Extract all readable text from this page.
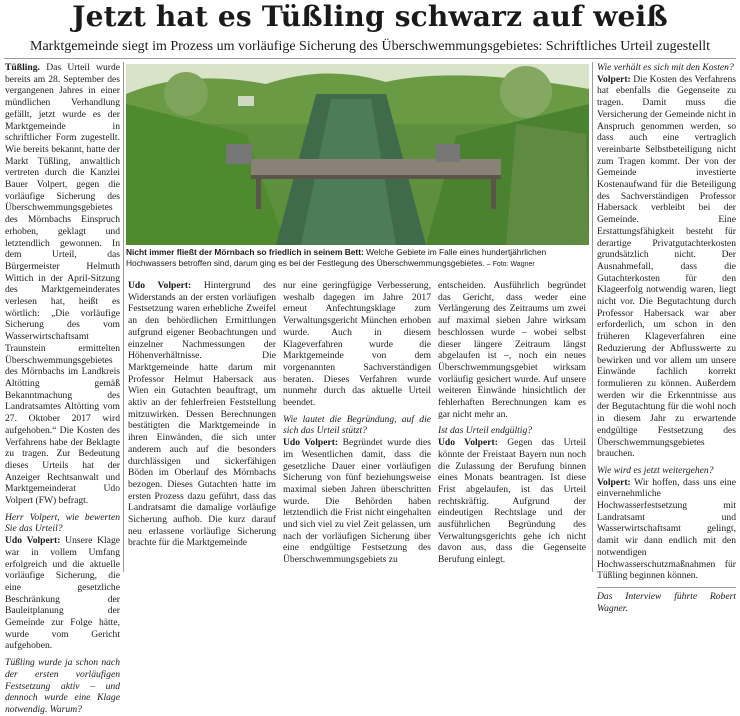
Jetzt hat es Tüßling schwarz auf weiß
Marktgemeinde siegt im Prozess um vorläufige Sicherung des Überschwemmungsgebietes: Schriftliches Urteil zugestellt

Tüßling. Das Urteil wurde bereits am 28. September des vergangenen Jahres in einer mündlichen Verhandlung gefällt, jetzt wurde es der Marktgemeinde in schriftlicher Form zugestellt. Wie bereits bekannt, hatte der Markt Tüßling, anwaltlich vertreten durch die Kanzlei Bauer Volpert, gegen die vorläufige Sicherung des Überschwemmungsgebietes des Mörnbachs Einspruch erhoben, geklagt und letztendlich gewonnen. In dem Urteil, das Bürgermeister Helmuth Wittich in der April-Sitzung des Marktgemeinderates verlesen hat, heißt es wörtlich: „Die vorläufige Sicherung des vom Wasserwirtschaftsamt Traunstein ermittelten Überschwemmungsgebietes des Mörnbachs im Landkreis Altötting gemäß Bekanntmachung des Landratsamtes Altötting vom 27. Oktober 2017 wird aufgehoben.“ Die Kosten des Verfahrens habe der Beklagte zu tragen. Zur Bedeutung dieses Urteils hat der Anzeiger Rechtsanwalt und Marktgemeinderat Udo Volpert (FW) befragt.

Herr Volpert, wie bewerten Sie das Urteil?

Udo Volpert: Unsere Klage war in vollem Umfang erfolgreich und die aktuelle vorläufige Sicherung, die eine gesetzliche Beschränkung der Bauleitplanung der Gemeinde zur Folge hätte, wurde vom Gericht aufgehoben.

Tüßling wurde ja schon nach der ersten vorläufigen Festsetzung aktiv – und dennoch wurde eine Klage notwendig. Warum?

Nicht immer fließt der Mörnbach so friedlich in seinem Bett: Welche Gebiete im Falle eines hundertjährlichen Hochwassers betroffen sind, darum ging es bei der Festlegung des Überschwemmungsgebietes. – Foto: Wagner

Udo Volpert: Hintergrund des Widerstands an der ersten vorläufigen Festsetzung waren erhebliche Zweifel an den behördlichen Ermittlungen aufgrund eigener Beobachtungen und einzelner Nachmessungen der Höhenverhältnisse. Die Marktgemeinde hatte darum mit Professor Helmut Habersack aus Wien ein Gutachten beauftragt, um aktiv an der fehlerfreien Feststellung mitzuwirken. Dessen Berechnungen bestätigten die Marktgemeinde in ihren Einwänden, die sich unter anderem auch auf die besonders durchlässigen und sickerfähigen Böden im Oberlauf des Mörnbachs bezogen. Dieses Gutachten hatte im ersten Prozess dazu geführt, dass das Landratsamt die damalige vorläufige Sicherung aufhob. Die kurz darauf neu erlassene vorläufige Sicherung brachte für die Marktgemeinde

nur eine geringfügige Verbesserung, weshalb dagegen im Jahre 2017 erneut Anfechtungsklage zum Verwaltungsgericht München erhoben wurde. Auch in diesem Klageverfahren wurde die Marktgemeinde von dem vorgenannten Sachverständigen beraten. Dieses Verfahren wurde nunmehr durch das aktuelle Urteil beendet.

Wie lautet die Begründung, auf die sich das Urteil stützt?

Udo Volpert: Begründet wurde dies im Wesentlichen damit, dass die gesetzliche Dauer einer vorläufigen Sicherung von fünf beziehungsweise maximal sieben Jahren überschritten wurde. Die Behörden haben letztendlich die Frist nicht eingehalten und sich viel zu viel Zeit gelassen, um nach der vorläufigen Sicherung über eine endgültige Festsetzung des Überschwemmungsgebiets zu

entscheiden. Ausführlich begründet das Gericht, dass weder eine Verlängerung des Zeitraums um zwei auf maximal sieben Jahre wirksam beschlossen wurde – wobei selbst dieser längere Zeitraum längst abgelaufen ist –, noch ein neues Überschwemmungsgebiet wirksam vorläufig gesichert wurde. Auf unsere weiteren Einwände hinsichtlich der fehlerhaften Berechnungen kam es gar nicht mehr an.

Ist das Urteil endgültig?

Udo Volpert: Gegen das Urteil könnte der Freistaat Bayern nun noch die Zulassung der Berufung binnen eines Monats beantragen. Ist diese Frist abgelaufen, ist das Urteil rechtskräftig. Aufgrund der eindeutigen Rechtslage und der ausführlichen Begründung des Verwaltungsgerichts gehe ich nicht davon aus, dass die Gegenseite Berufung einlegt.

Wie verhält es sich mit den Kosten?

Volpert: Die Kosten des Verfahrens hat ebenfalls die Gegenseite zu tragen. Damit muss die Versicherung der Gemeinde nicht in Anspruch genommen werden, so dass auch eine vertraglich vereinbarte Selbstbeteiligung nicht zum Tragen kommt. Der von der Gemeinde investierte Kostenaufwand für die Beteiligung des Sachverständigen Professor Habersack verbleibt bei der Gemeinde. Eine Erstattungsfähigkeit besteht für derartige Privatgutachterkosten grundsätzlich nicht. Der Ausnahmefall, dass die Gutachterkosten für den Klageerfolg notwendig waren, liegt nicht vor. Die Begutachtung durch Professor Habersack war aber erforderlich, um schon in den früheren Klageverfahren eine Reduzierung der Abflusswerte zu bewirken und vor allem um unsere Einwände fachlich korrekt formulieren zu können. Außerdem werden wir die Erkenntnisse aus der Begutachtung für die wohl noch in diesem Jahr zu erwartende endgültige Festsetzung des Überschwemmungsgebietes brauchen.

Wie wird es jetzt weitergehen?

Volpert: Wir hoffen, dass uns eine einvernehmliche Hochwasserfestsetzung mit Landratsamt und Wasserwirtschaftsamt gelingt, damit wir dann endlich mit den notwendigen Hochwasserschutzmaßnahmen für Tüßling beginnen können.

Das Interview führte Robert Wagner.
